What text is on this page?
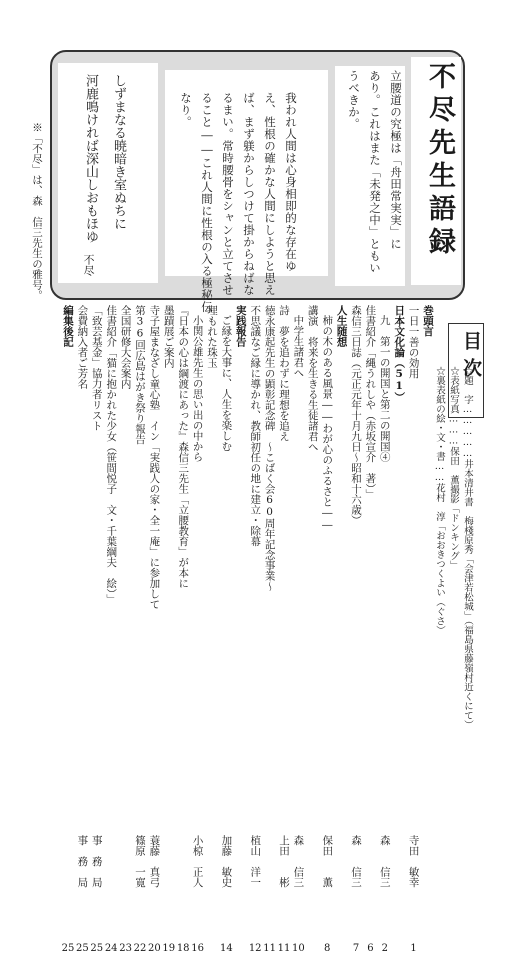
不尽先生語録
立腰道の究極は「舟田常実実」に
あり。これはまた「未発之中」ともい
うべきか。
我われ人間は心身相即的な存在ゆ
え、性根の確かな人間にしようと思え
ば、まず躾からしつけて掛からねばな
るまい。常時腰骨をシャンと立てさせ
ること――これ人間に性根の入る極秘伝
なり。
しずまなる暁暗き室ぬちに
河鹿鳴ければ深山しおもほゆ
不尽
※「不尽」は、森　信三先生の雅号。
目次
☆題　字……………井本清井書　梅棧原秀「会津若松城」（福島県藤嶺村近くにて）
☆表紙写真………保田　薫撮影「ドンキング」
☆裏表紙の絵・文・書……花村　淳「おおきつくよい（ぐさ）
巻頭言
一日一善の効用
寺田　敏幸
1
日本文化論（51）
九　第一の開国と第二の開国④
森　　信三
2
佳書紹介「縄うれしや（赤坂宣介　著）」
6
森信三日誌（元正元年十月九日〜昭和十六歳）
森　　信三
7
人生随想
柿の木のある風景――わが心のふるさと――
保田　　薫
8
講演　将来を生きる生徒諸君へ
中学生諸君へ
森　　信三
10
詩　夢を追わずに理想を追え
上田　　彬
11
徳永康起先生の顕彰記念碑　〜こばく会60周年記念事業〜
11
不思議なご縁に導かれ、教師初任の地に建立・除幕
植山　洋一
12
実践報告
ご縁を大事に、人生を楽しむ
加藤　敏史
14
埋もれた珠玉
小関公雄先生の思い出の中から
小椋　正人
16
『日本の心は綱渡にあった』森信三先生「立腰教育」が本に
18
墨蹟展ご案内
19
寺子屋まなざし童心塾　イン「実践人の家・全一庵」に参加して
蓑藤　真弓
20
第36回広島はがき祭り報告
篠原　一寛
22
全国研修大会案内
23
佳書紹介「猫に抱かれた少女（笹間悦子　文・千葉綱夫　絵）」
24
「致芸基金」協力者リスト
事　務　局
25
会費納入者ご芳名
事　務　局
25
編集後記
25
